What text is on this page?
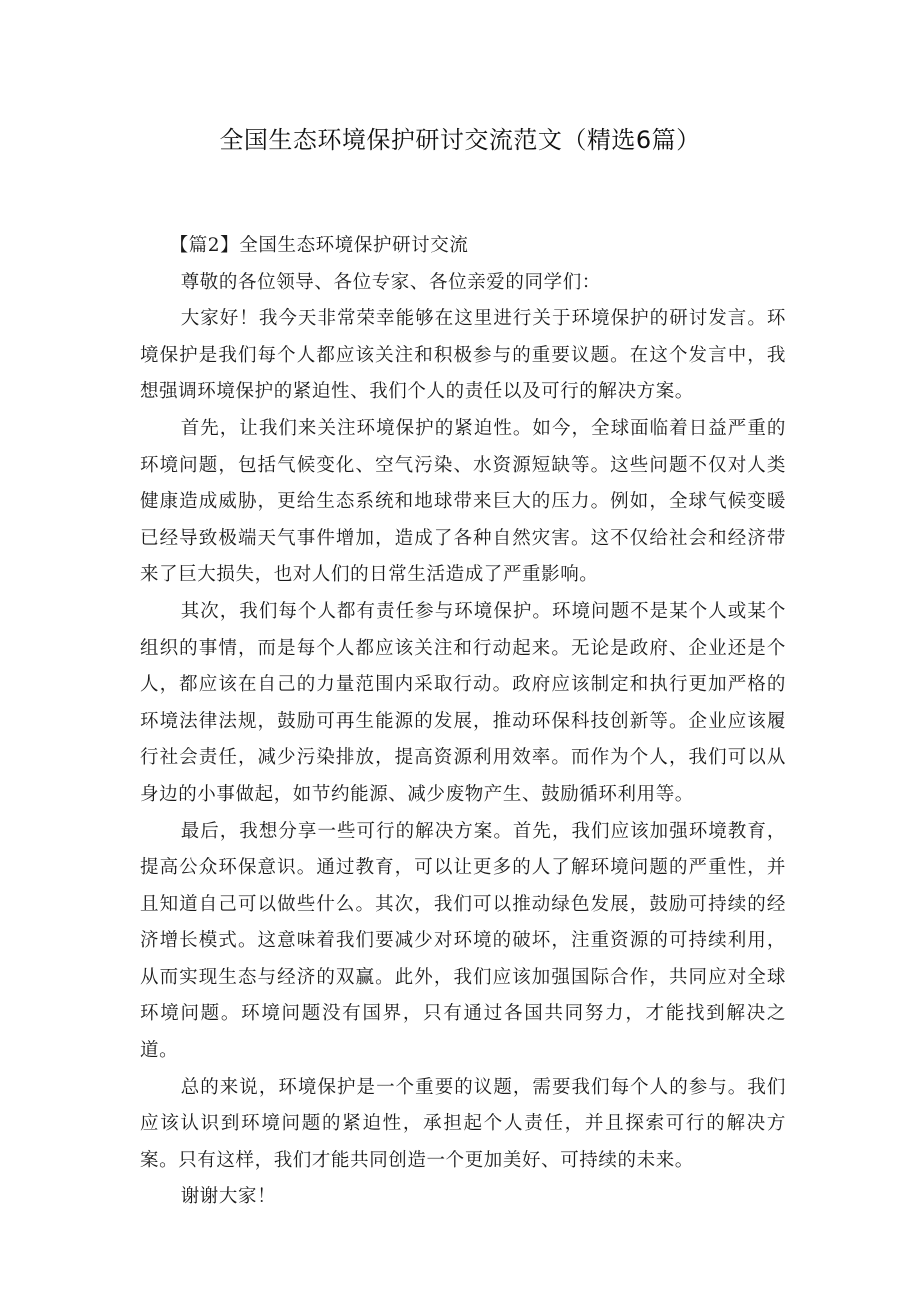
全国生态环境保护研讨交流范文（精选6篇）

【篇2】全国生态环境保护研讨交流

尊敬的各位领导、各位专家、各位亲爱的同学们：

大家好！我今天非常荣幸能够在这里进行关于环境保护的研讨发言。环境保护是我们每个人都应该关注和积极参与的重要议题。在这个发言中，我想强调环境保护的紧迫性、我们个人的责任以及可行的解决方案。

首先，让我们来关注环境保护的紧迫性。如今，全球面临着日益严重的环境问题，包括气候变化、空气污染、水资源短缺等。这些问题不仅对人类健康造成威胁，更给生态系统和地球带来巨大的压力。例如，全球气候变暖已经导致极端天气事件增加，造成了各种自然灾害。这不仅给社会和经济带来了巨大损失，也对人们的日常生活造成了严重影响。

其次，我们每个人都有责任参与环境保护。环境问题不是某个人或某个组织的事情，而是每个人都应该关注和行动起来。无论是政府、企业还是个人，都应该在自己的力量范围内采取行动。政府应该制定和执行更加严格的环境法律法规，鼓励可再生能源的发展，推动环保科技创新等。企业应该履行社会责任，减少污染排放，提高资源利用效率。而作为个人，我们可以从身边的小事做起，如节约能源、减少废物产生、鼓励循环利用等。

最后，我想分享一些可行的解决方案。首先，我们应该加强环境教育，提高公众环保意识。通过教育，可以让更多的人了解环境问题的严重性，并且知道自己可以做些什么。其次，我们可以推动绿色发展，鼓励可持续的经济增长模式。这意味着我们要减少对环境的破坏，注重资源的可持续利用，从而实现生态与经济的双赢。此外，我们应该加强国际合作，共同应对全球环境问题。环境问题没有国界，只有通过各国共同努力，才能找到解决之道。

总的来说，环境保护是一个重要的议题，需要我们每个人的参与。我们应该认识到环境问题的紧迫性，承担起个人责任，并且探索可行的解决方案。只有这样，我们才能共同创造一个更加美好、可持续的未来。

谢谢大家！
